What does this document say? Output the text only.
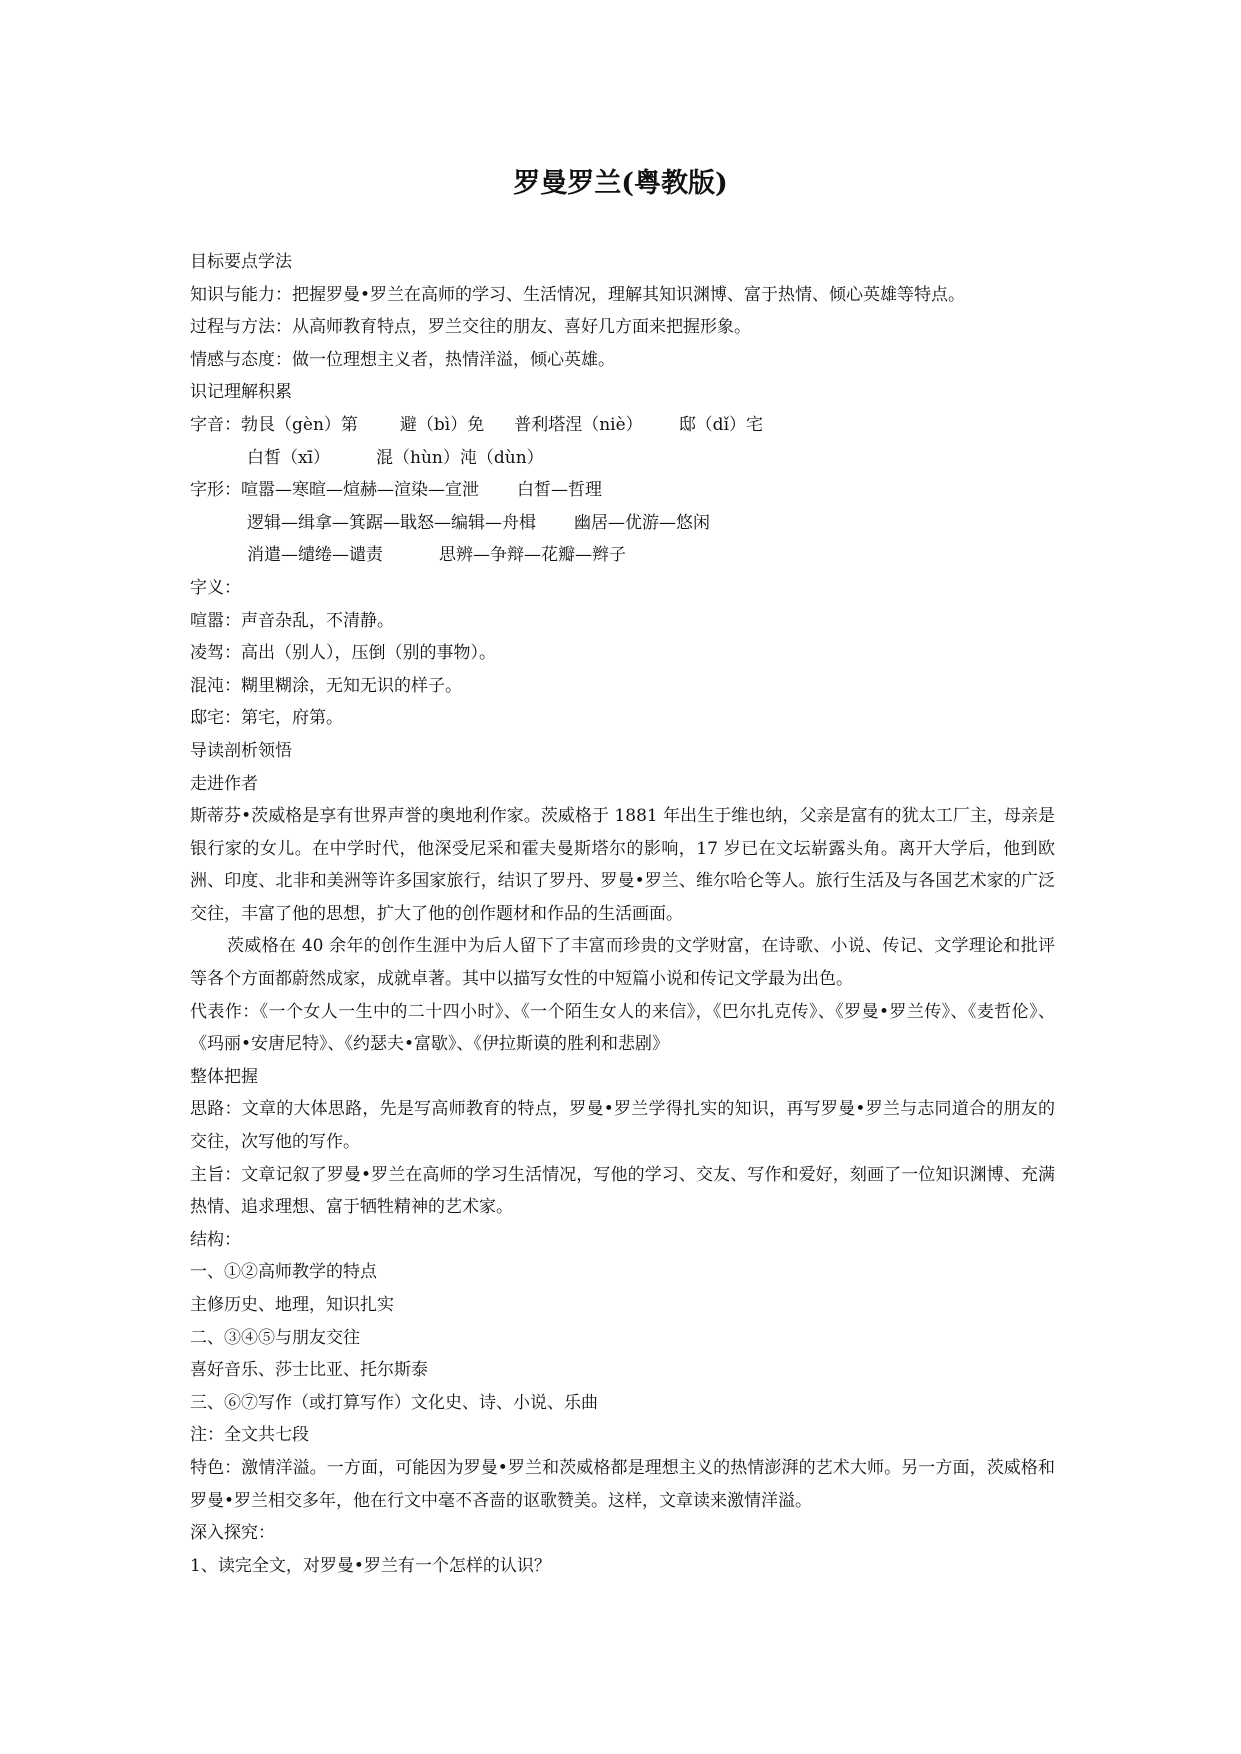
罗曼罗兰(粤教版)
目标要点学法
知识与能力：把握罗曼•罗兰在高师的学习、生活情况，理解其知识渊博、富于热情、倾心英雄等特点。
过程与方法：从高师教育特点，罗兰交往的朋友、喜好几方面来把握形象。
情感与态度：做一位理想主义者，热情洋溢，倾心英雄。
识记理解积累
字音：勃艮（gèn）第 避（bì）免 普利塔涅（niè） 邸（dǐ）宅
白皙（xī）	混（hùn）沌（dùn）
字形：喧嚣—寒暄—煊赫—渲染—宣泄 白皙—哲理
逻辑—缉拿—箕踞—戢怒—编辑—舟楫 幽居—优游—悠闲
消遣—缱绻—谴责	思辨—争辩—花瓣—辫子
字义：
喧嚣：声音杂乱，不清静。
凌驾：高出（别人），压倒（别的事物）。
混沌：糊里糊涂，无知无识的样子。
邸宅：第宅，府第。
导读剖析领悟
走进作者
斯蒂芬•茨威格是享有世界声誉的奥地利作家。茨威格于 1881 年出生于维也纳，父亲是富有的犹太工厂主，母亲是银行家的女儿。在中学时代，他深受尼采和霍夫曼斯塔尔的影响，17 岁已在文坛崭露头角。离开大学后，他到欧洲、印度、北非和美洲等许多国家旅行，结识了罗丹、罗曼•罗兰、维尔哈仑等人。旅行生活及与各国艺术家的广泛交往，丰富了他的思想，扩大了他的创作题材和作品的生活画面。
茨威格在 40 余年的创作生涯中为后人留下了丰富而珍贵的文学财富，在诗歌、小说、传记、文学理论和批评等各个方面都蔚然成家，成就卓著。其中以描写女性的中短篇小说和传记文学最为出色。
代表作：《一个女人一生中的二十四小时》、《一个陌生女人的来信》，《巴尔扎克传》、《罗曼•罗兰传》、《麦哲伦》、《玛丽•安唐尼特》、《约瑟夫•富歇》、《伊拉斯谟的胜利和悲剧》
整体把握
思路：文章的大体思路，先是写高师教育的特点，罗曼•罗兰学得扎实的知识，再写罗曼•罗兰与志同道合的朋友的交往，次写他的写作。
主旨：文章记叙了罗曼•罗兰在高师的学习生活情况，写他的学习、交友、写作和爱好，刻画了一位知识渊博、充满热情、追求理想、富于牺牲精神的艺术家。
结构：
一、①②高师教学的特点
主修历史、地理，知识扎实
二、③④⑤与朋友交往
喜好音乐、莎士比亚、托尔斯泰
三、⑥⑦写作（或打算写作）文化史、诗、小说、乐曲
注：全文共七段
特色：激情洋溢。一方面，可能因为罗曼•罗兰和茨威格都是理想主义的热情澎湃的艺术大师。另一方面，茨威格和罗曼•罗兰相交多年，他在行文中毫不吝啬的讴歌赞美。这样，文章读来激情洋溢。
深入探究：
1、读完全文，对罗曼•罗兰有一个怎样的认识？
